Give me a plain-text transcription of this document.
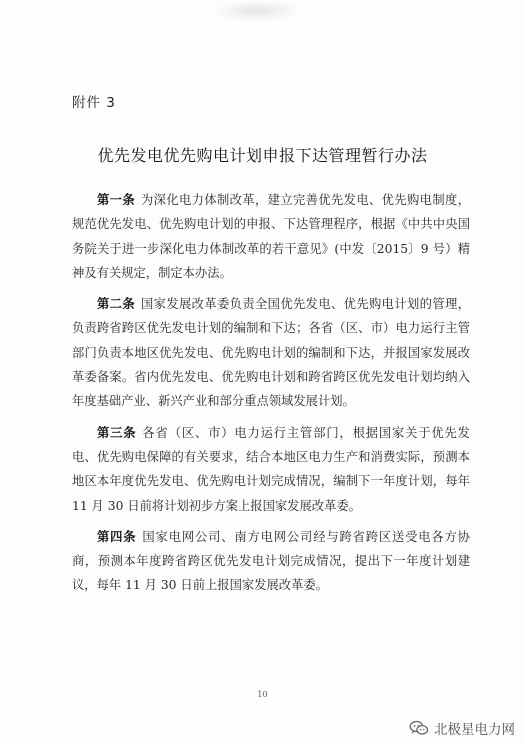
附件 3
优先发电优先购电计划申报下达管理暂行办法

第一条 为深化电力体制改革，建立完善优先发电、优先购电制度，规范优先发电、优先购电计划的申报、下达管理程序，根据《中共中央国务院关于进一步深化电力体制改革的若干意见》(中发〔2015〕9 号）精神及有关规定，制定本办法。

第二条 国家发展改革委负责全国优先发电、优先购电计划的管理，负责跨省跨区优先发电计划的编制和下达；各省（区、市）电力运行主管部门负责本地区优先发电、优先购电计划的编制和下达，并报国家发展改革委备案。省内优先发电、优先购电计划和跨省跨区优先发电计划均纳入年度基础产业、新兴产业和部分重点领域发展计划。

第三条 各省（区、市）电力运行主管部门，根据国家关于优先发电、优先购电保障的有关要求，结合本地区电力生产和消费实际，预测本地区本年度优先发电、优先购电计划完成情况，编制下一年度计划，每年 11 月 30 日前将计划初步方案上报国家发展改革委。

第四条 国家电网公司、南方电网公司经与跨省跨区送受电各方协商，预测本年度跨省跨区优先发电计划完成情况，提出下一年度计划建议，每年 11 月 30 日前上报国家发展改革委。

10
北极星电力网
